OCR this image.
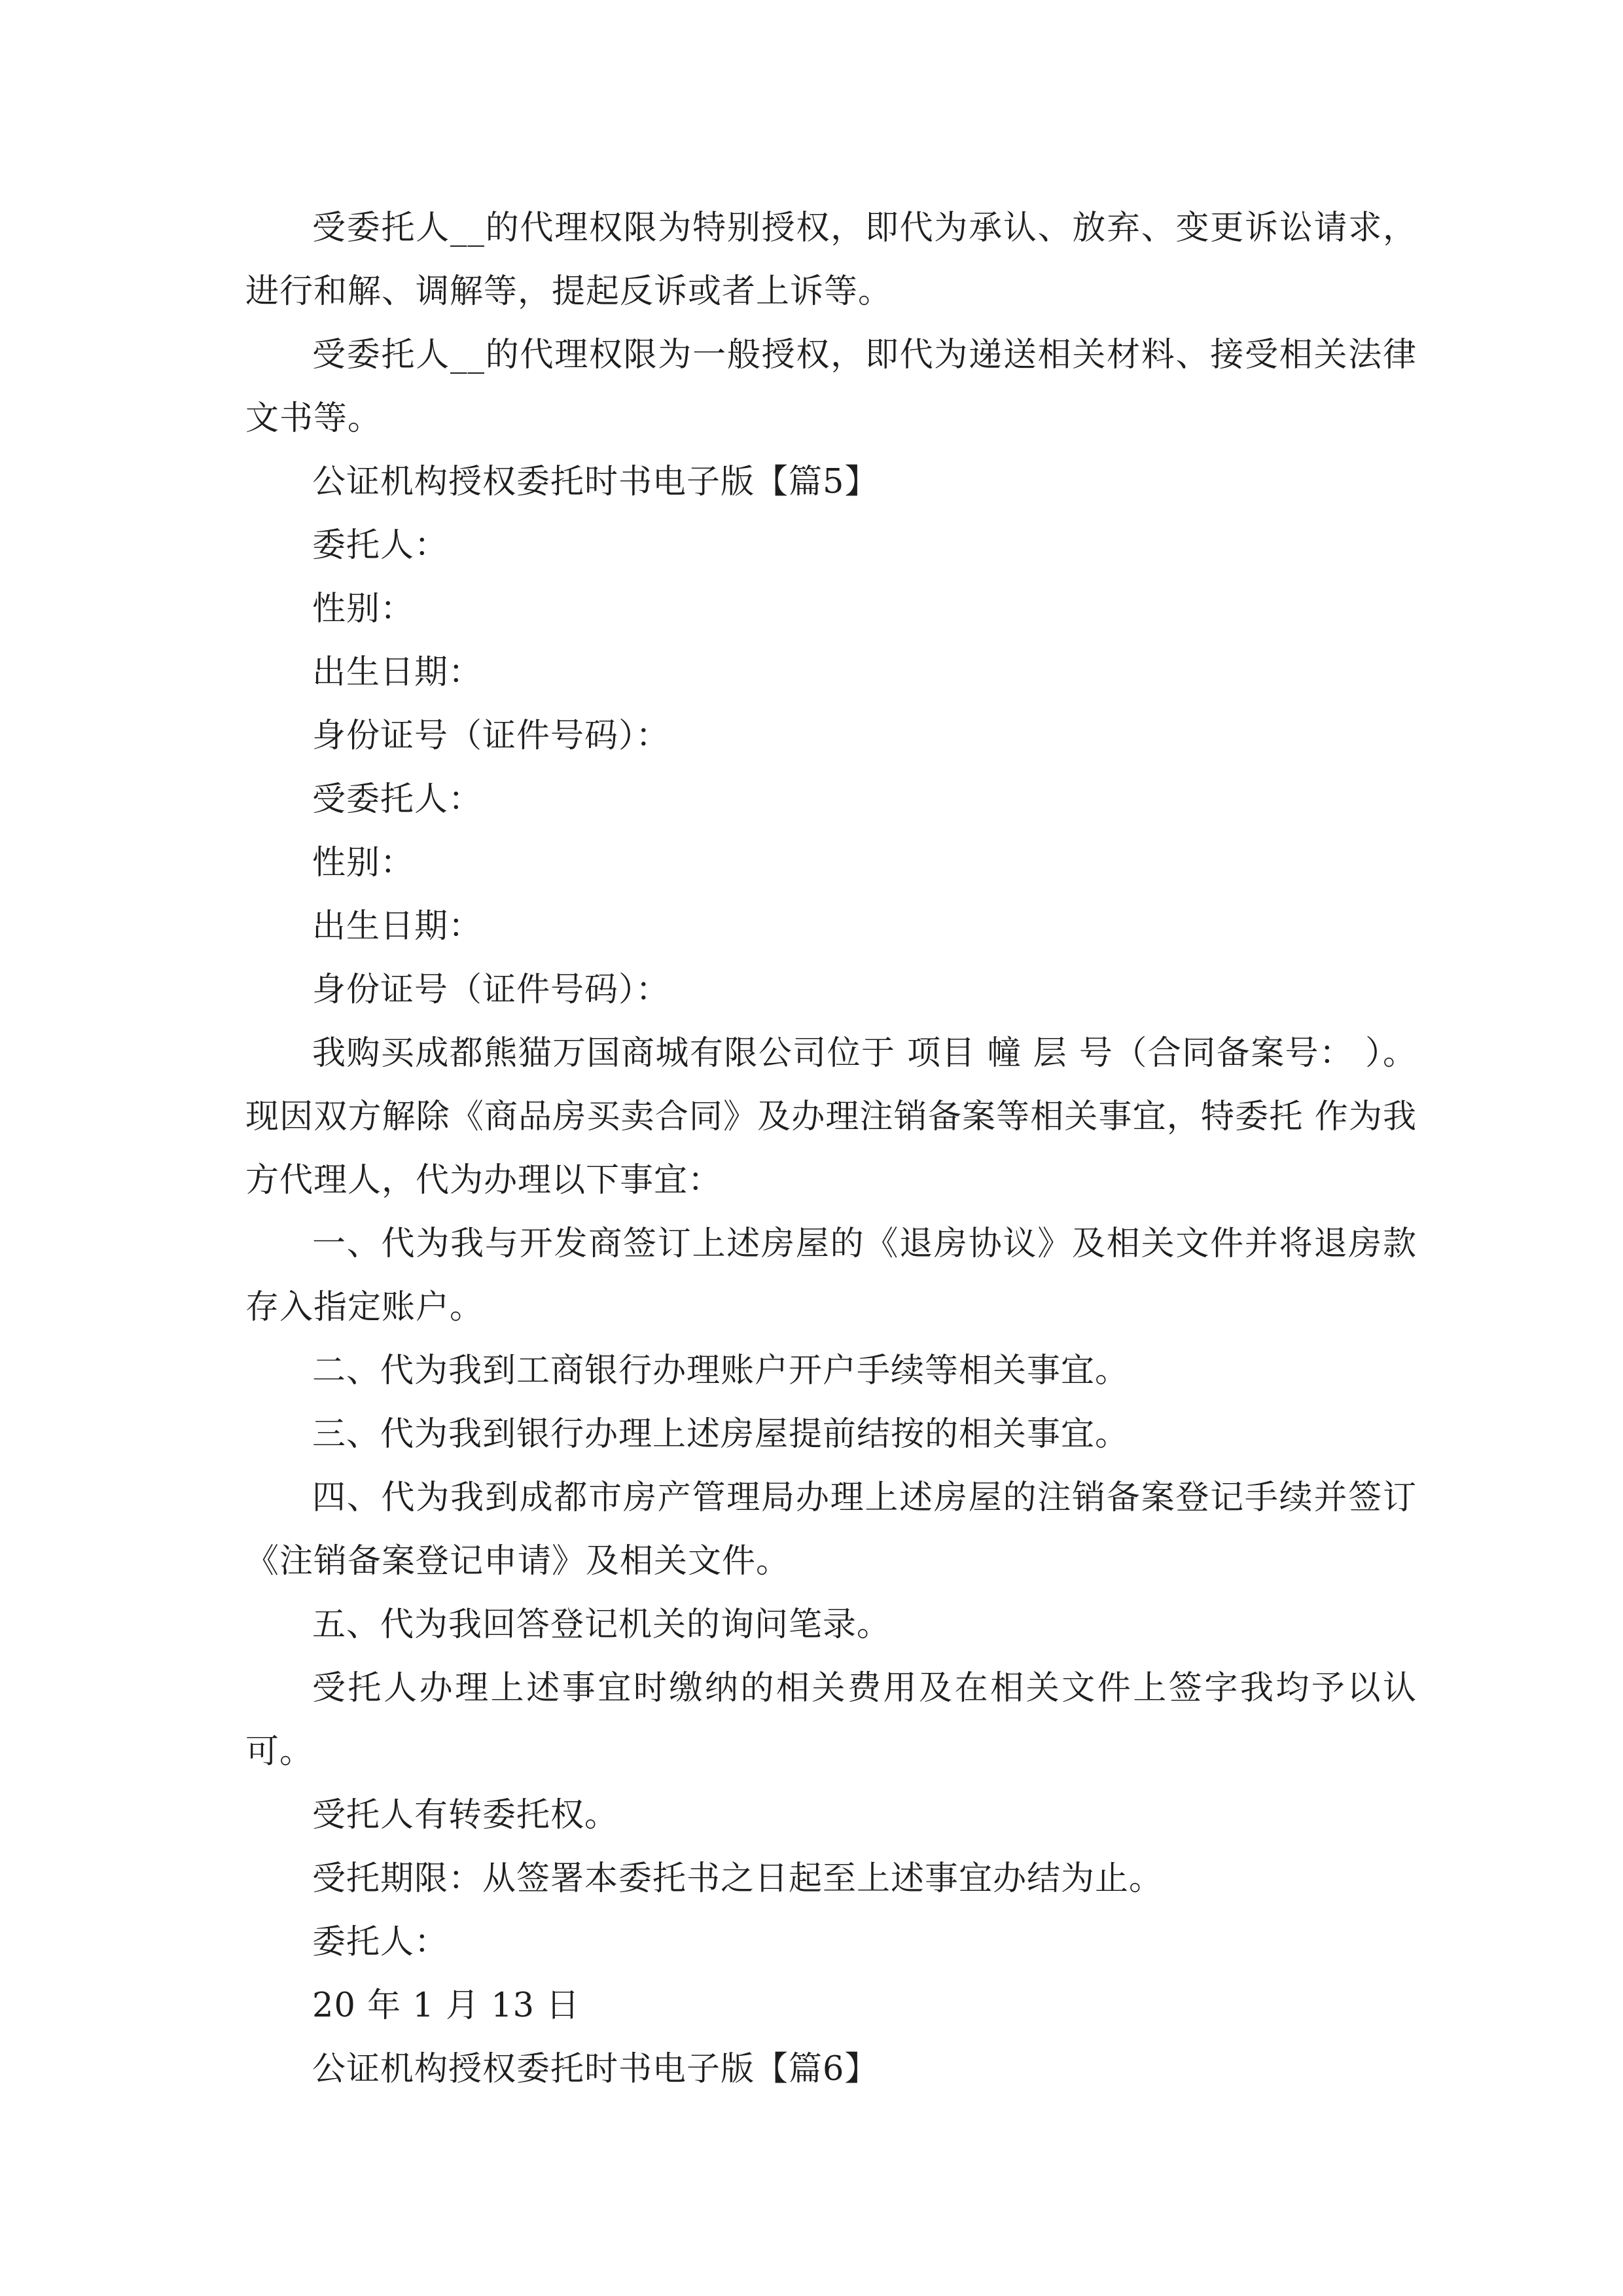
受委托人__的代理权限为特别授权，即代为承认、放弃、变更诉讼请求，进行和解、调解等，提起反诉或者上诉等。

受委托人__的代理权限为一般授权，即代为递送相关材料、接受相关法律文书等。

公证机构授权委托时书电子版【篇5】

委托人：

性别：

出生日期：

身份证号（证件号码）：

受委托人：

性别：

出生日期：

身份证号（证件号码）：

我购买成都熊猫万国商城有限公司位于 项目 幢 层 号（合同备案号： ）。现因双方解除《商品房买卖合同》及办理注销备案等相关事宜，特委托 作为我方代理人，代为办理以下事宜：

一、代为我与开发商签订上述房屋的《退房协议》及相关文件并将退房款存入指定账户。

二、代为我到工商银行办理账户开户手续等相关事宜。

三、代为我到银行办理上述房屋提前结按的相关事宜。

四、代为我到成都市房产管理局办理上述房屋的注销备案登记手续并签订《注销备案登记申请》及相关文件。

五、代为我回答登记机关的询问笔录。

受托人办理上述事宜时缴纳的相关费用及在相关文件上签字我均予以认可。

受托人有转委托权。

受托期限：从签署本委托书之日起至上述事宜办结为止。

委托人：

20 年 1 月 13 日

公证机构授权委托时书电子版【篇6】
